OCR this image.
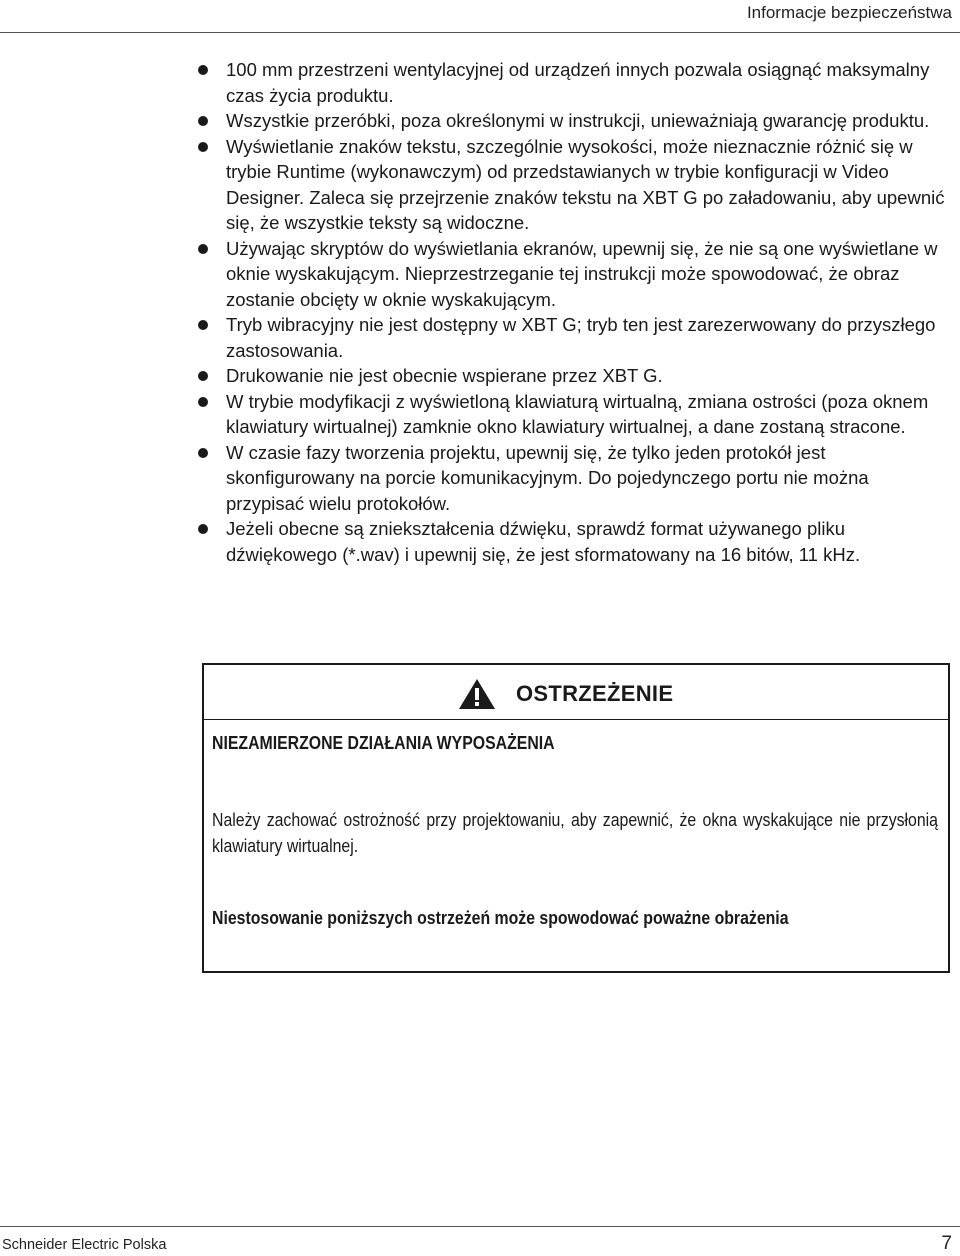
Informacje bezpieczeństwa
100 mm przestrzeni wentylacyjnej od urządzeń innych pozwala osiągnąć maksymalny czas życia produktu.
Wszystkie przeróbki, poza określonymi w instrukcji, unieważniają gwarancję produktu.
Wyświetlanie znaków tekstu, szczególnie wysokości, może nieznacznie różnić się w trybie Runtime (wykonawczym) od przedstawianych w trybie konfiguracji w Video Designer. Zaleca się przejrzenie znaków tekstu na XBT G po załadowaniu, aby upewnić się, że wszystkie teksty są widoczne.
Używając skryptów do wyświetlania ekranów, upewnij się, że nie są one wyświetlane w oknie wyskakującym. Nieprzestrzeganie tej instrukcji może spowodować, że obraz zostanie obcięty w oknie wyskakującym.
Tryb wibracyjny nie jest dostępny w XBT G; tryb ten jest zarezerwowany do przyszłego zastosowania.
Drukowanie nie jest obecnie wspierane przez XBT G.
W trybie modyfikacji z wyświetloną klawiaturą wirtualną, zmiana ostrości (poza oknem klawiatury wirtualnej) zamknie okno klawiatury wirtualnej, a dane zostaną stracone.
W czasie fazy tworzenia projektu, upewnij się, że tylko jeden protokół jest skonfigurowany na porcie komunikacyjnym. Do pojedynczego portu nie można przypisać wielu protokołów.
Jeżeli obecne są zniekształcenia dźwięku, sprawdź format używanego pliku dźwiękowego (*.wav) i upewnij się, że jest sformatowany na 16 bitów, 11 kHz.
OSTRZEŻENIE
NIEZAMIERZONE DZIAŁANIA WYPOSAŻENIA
Należy zachować ostrożność przy projektowaniu, aby zapewnić, że okna wyskakujące nie przysłonią klawiatury wirtualnej.
Niestosowanie poniższych ostrzeżeń może spowodować poważne obrażenia
Schneider Electric Polska	7
